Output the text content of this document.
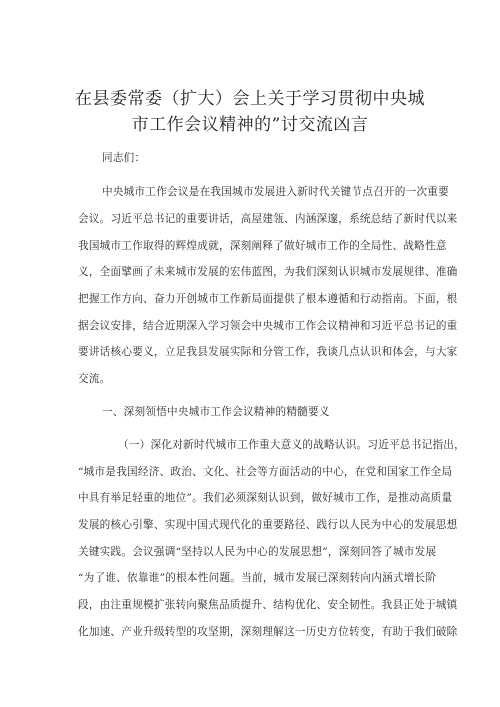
在县委常委（扩大）会上关于学习贯彻中央城
市工作会议精神的”讨交流凶言
同志们：
中央城市工作会议是在我国城市发展进入新时代关键节点召开的一次重要
会议。习近平总书记的重要讲话，高屋建瓴、内涵深邃，系统总结了新时代以来
我国城市工作取得的辉煌成就，深刻阐释了做好城市工作的全局性、战略性意
义，全面擘画了未来城市发展的宏伟蓝图，为我们深刻认识城市发展规律、准确
把握工作方向、奋力开创城市工作新局面提供了根本遵循和行动指南。下面，根
据会议安排，结合近期深入学习领会中央城市工作会议精神和习近平总书记的重
要讲话核心要义，立足我县发展实际和分管工作，我谈几点认识和体会，与大家
交流。
一、深刻领悟中央城市工作会议精神的精髓要义
（一）深化对新时代城市工作重大意义的战略认识。习近平总书记指出，
“城市是我国经济、政治、文化、社会等方面活动的中心，在党和国家工作全局
中具有举足轻重的地位”。我们必须深刻认识到，做好城市工作，是推动高质量
发展的核心引擎、实现中国式现代化的重要路径、践行以人民为中心的发展思想
关键实践。会议强调“坚持以人民为中心的发展思想”，深刻回答了城市发展
“为了谁、依靠谁”的根本性问题。当前，城市发展已深刻转向内涵式增长阶
段，由注重规模扩张转向聚焦品质提升、结构优化、安全韧性。我县正处于城镇
化加速、产业升级转型的攻坚期，深刻理解这一历史方位转变，有助于我们破除
